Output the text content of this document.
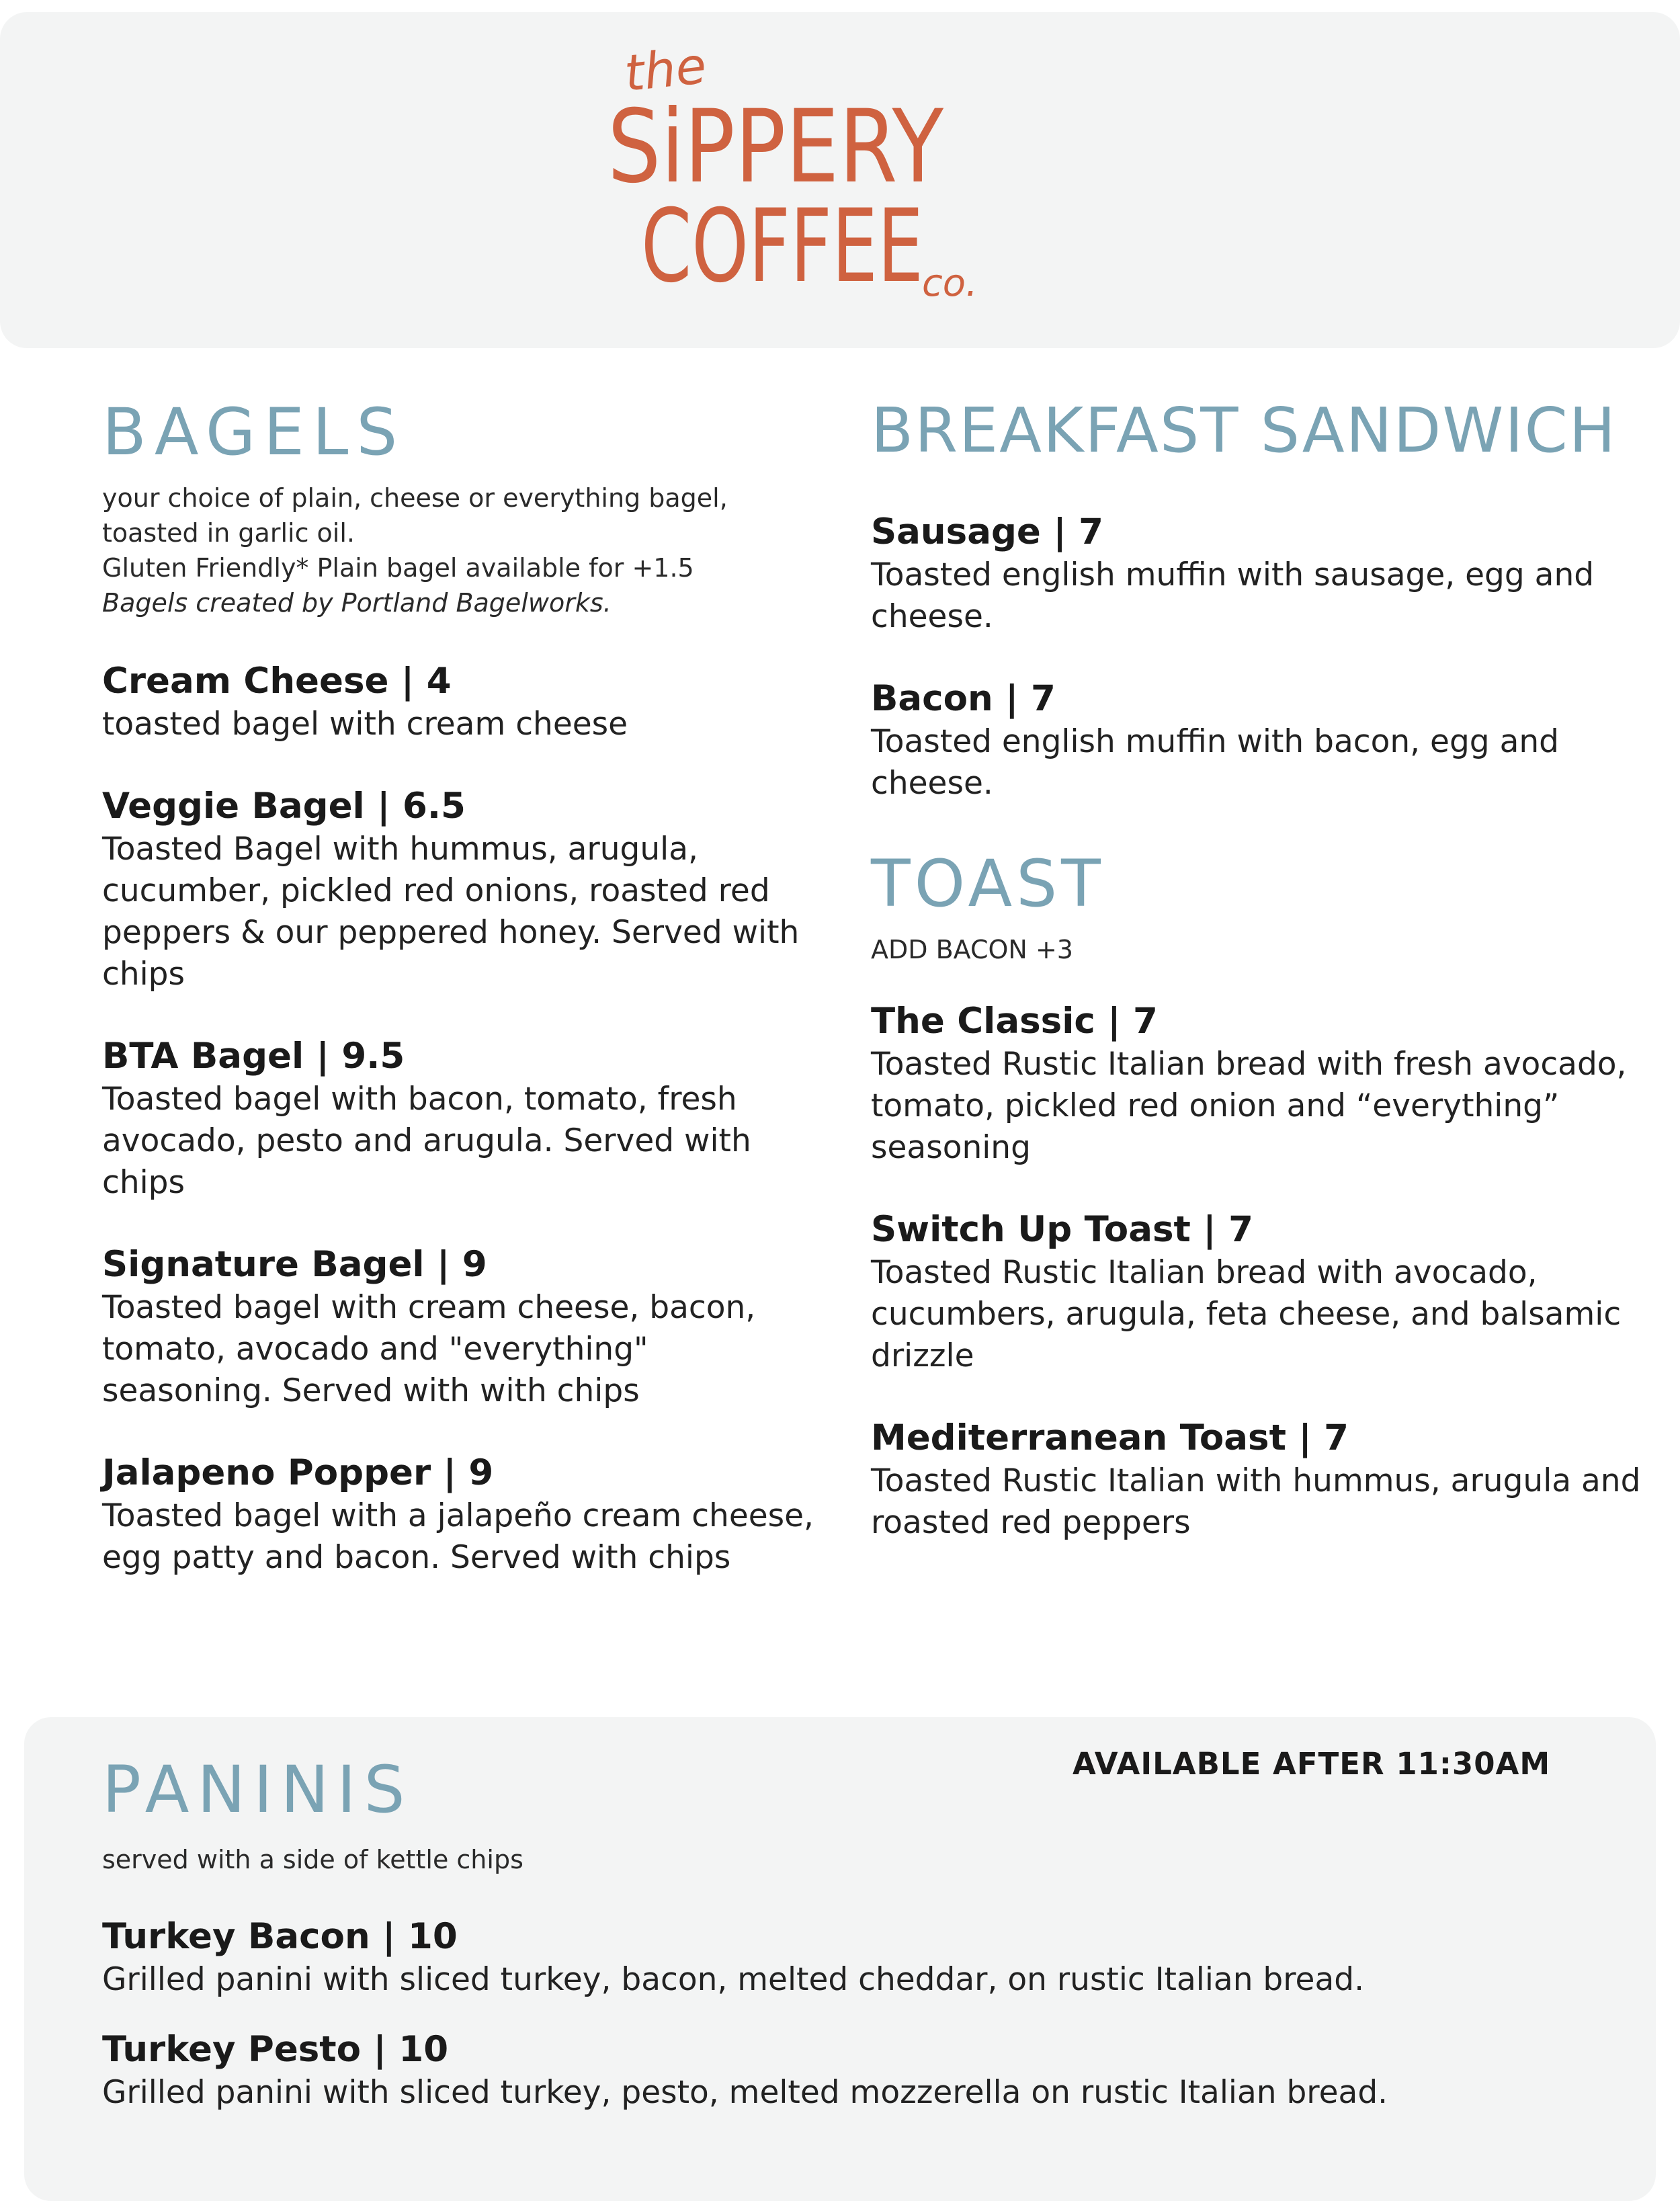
the
SiPPERY
COFFEE
co.
BAGELS
your choice of plain, cheese or everything bagel,
toasted in garlic oil.
Gluten Friendly* Plain bagel available for +1.5
Bagels created by Portland Bagelworks.
Cream Cheese | 4
toasted bagel with cream cheese
Veggie Bagel | 6.5
Toasted Bagel with hummus, arugula, cucumber, pickled red onions, roasted red peppers & our peppered honey. Served with chips
BTA Bagel | 9.5
Toasted bagel with bacon, tomato, fresh avocado, pesto and arugula. Served with chips
Signature Bagel | 9
Toasted bagel with cream cheese, bacon, tomato, avocado and "everything" seasoning. Served with with chips
Jalapeno Popper | 9
Toasted bagel with a jalapeño cream cheese, egg patty and bacon. Served with chips
BREAKFAST SANDWICH
Sausage | 7
Toasted english muffin with sausage, egg and cheese.
Bacon | 7
Toasted english muffin with bacon, egg and cheese.
TOAST
ADD BACON +3
The Classic | 7
Toasted Rustic Italian bread with fresh avocado, tomato, pickled red onion and “everything” seasoning
Switch Up Toast | 7
Toasted Rustic Italian bread with avocado, cucumbers, arugula, feta cheese, and balsamic drizzle
Mediterranean Toast | 7
Toasted Rustic Italian with hummus, arugula and roasted red peppers
AVAILABLE AFTER 11:30AM
PANINIS
served with a side of kettle chips
Turkey Bacon | 10
Grilled panini with sliced turkey, bacon, melted cheddar, on rustic Italian bread.
Turkey Pesto | 10
Grilled panini with sliced turkey, pesto, melted mozzerella on rustic Italian bread.
